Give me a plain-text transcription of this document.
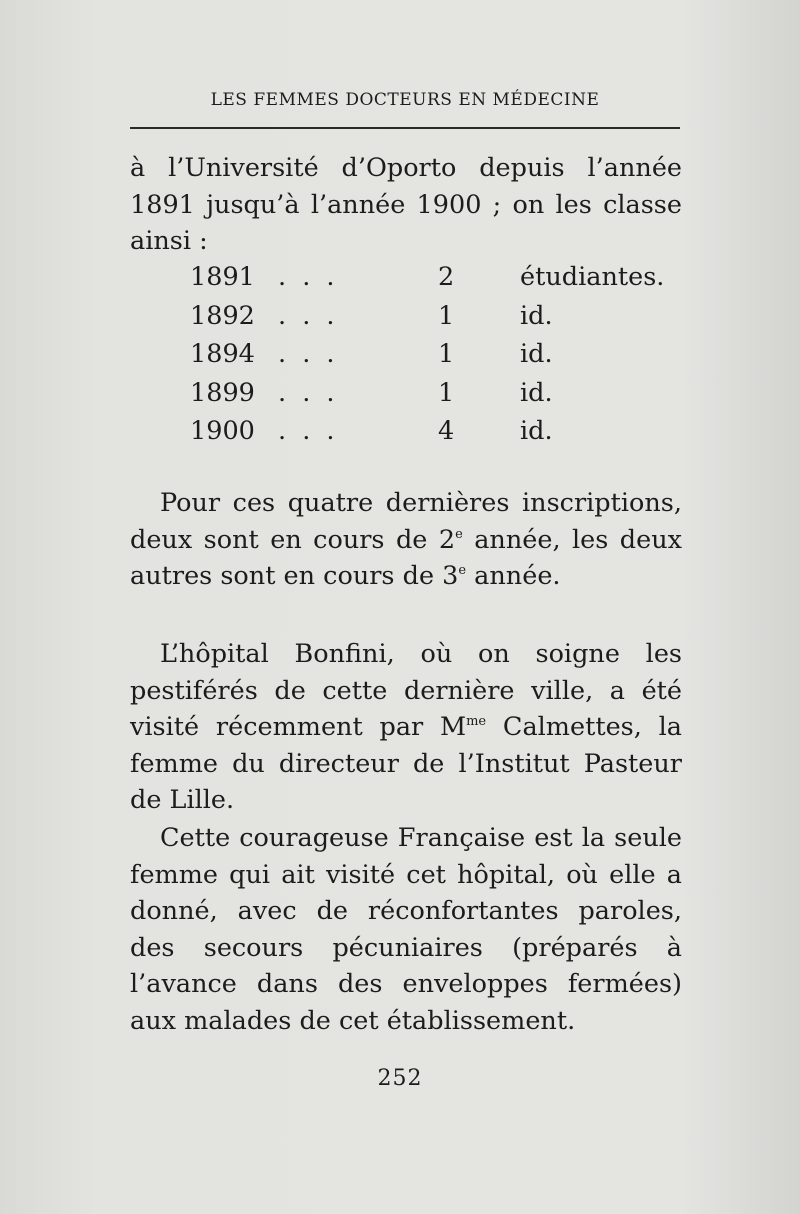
LES FEMMES DOCTEURS EN MÉDECINE
à l’Université d’Oporto depuis l’année 1891 jusqu’à l’année 1900 ; on les classe ainsi :
1891 . . .	2	étudiantes.
1892 . . .	1	id.
1894 . . .	1	id.
1899 . . .	1	id.
1900 . . .	4	id.
Pour ces quatre dernières inscriptions, deux sont en cours de 2e année, les deux autres sont en cours de 3e année.
L’hôpital Bonfini, où on soigne les pestiférés de cette dernière ville, a été visité récemment par $M^{me}$ Calmettes, la femme du directeur de l’Institut Pasteur de Lille.
Cette courageuse Française est la seule femme qui ait visité cet hôpital, où elle a donné, avec de réconfortantes paroles, des secours pécuniaires (préparés à l’avance dans des enveloppes fermées) aux malades de cet établissement.
252
